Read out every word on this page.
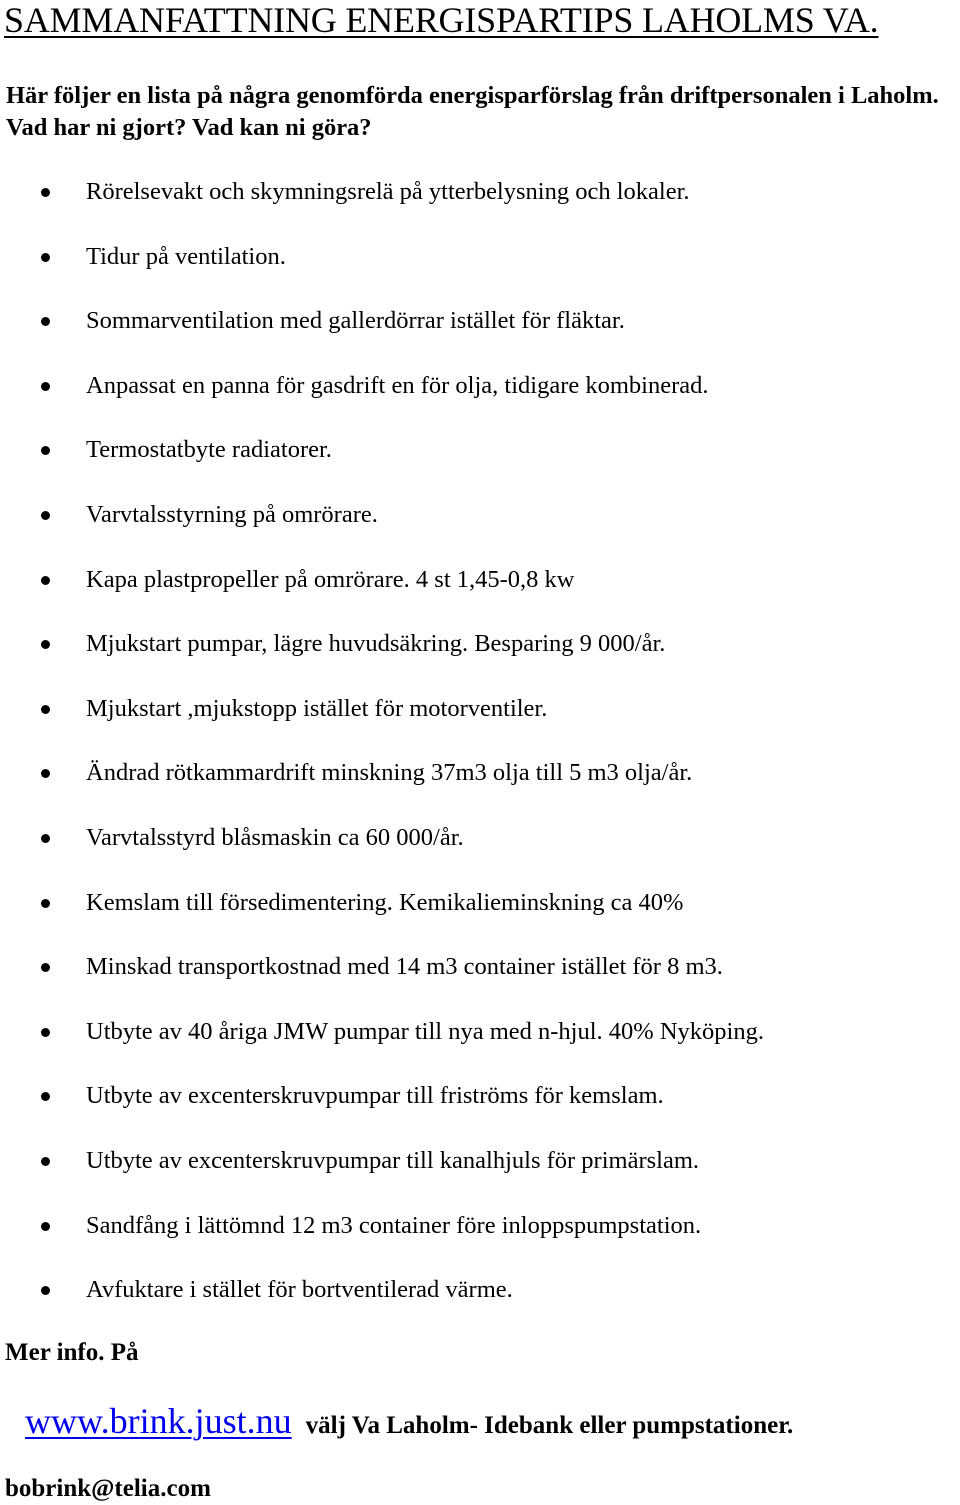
SAMMANFATTNING ENERGISPARTIPS LAHOLMS VA.

Här följer en lista på några genomförda energisparförslag från driftpersonalen i Laholm. Vad har ni gjort? Vad kan ni göra?

Rörelsevakt och skymningsrelä på ytterbelysning och lokaler.
Tidur på ventilation.
Sommarventilation med gallerdörrar istället för fläktar.
Anpassat en panna för gasdrift en för olja, tidigare kombinerad.
Termostatbyte radiatorer.
Varvtalsstyrning på omrörare.
Kapa plastpropeller på omrörare. 4 st 1,45-0,8 kw
Mjukstart pumpar, lägre huvudsäkring. Besparing 9 000/år.
Mjukstart ,mjukstopp istället för motorventiler.
Ändrad rötkammardrift minskning 37m3 olja till 5 m3 olja/år.
Varvtalsstyrd blåsmaskin ca 60 000/år.
Kemslam till försedimentering. Kemikalieminskning ca 40%
Minskad transportkostnad med 14 m3 container istället för 8 m3.
Utbyte av 40 åriga JMW pumpar till nya med n-hjul. 40% Nyköping.
Utbyte av excenterskruvpumpar till friströms för kemslam.
Utbyte av excenterskruvpumpar till kanalhjuls för primärslam.
Sandfång i lättömnd 12 m3 container före inloppspumpstation.
Avfuktare i stället för bortventilerad värme.

Mer info. På

www.brink.just.nu välj Va Laholm- Idebank eller pumpstationer.
bobrink@telia.com
